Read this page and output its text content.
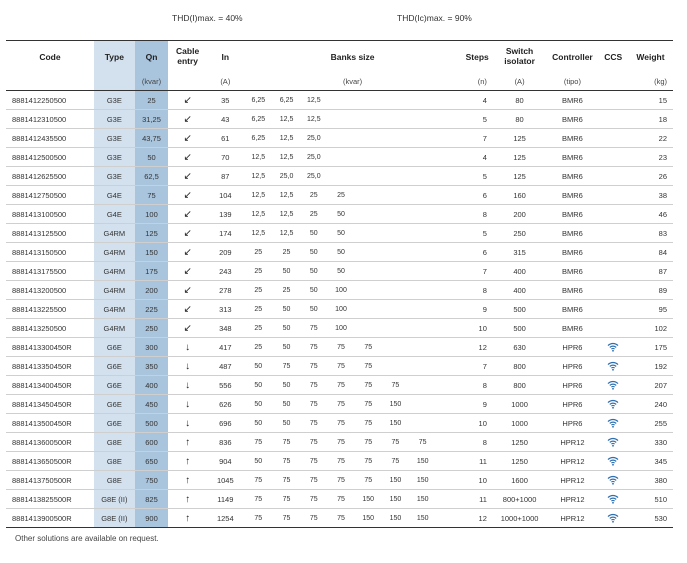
THD(I)max. = 40%	THD(Ic)max. = 90%
Code	Type	Qn	Cable
entry	In	Banks size								Steps	Switch
isolator	Controller	CCS	Weight
		(kvar)		(A)	(kvar)								(n)	(A)	(tipo)		(kg)
8881412250500	G3E	25	↙	35	6,25	6,25	12,5						4	80	BMR6		15
8881412310500	G3E	31,25	↙	43	6,25	12,5	12,5						5	80	BMR6		18
8881412435500	G3E	43,75	↙	61	6,25	12,5	25,0						7	125	BMR6		22
8881412500500	G3E	50	↙	70	12,5	12,5	25,0						4	125	BMR6		23
8881412625500	G3E	62,5	↙	87	12,5	25,0	25,0						5	125	BMR6		26
8881412750500	G4E	75	↙	104	12,5	12,5	25	25					6	160	BMR6		38
8881413100500	G4E	100	↙	139	12,5	12,5	25	50					8	200	BMR6		46
8881413125500	G4RM	125	↙	174	12,5	12,5	50	50					5	250	BMR6		83
8881413150500	G4RM	150	↙	209	25	25	50	50					6	315	BMR6		84
8881413175500	G4RM	175	↙	243	25	50	50	50					7	400	BMR6		87
8881413200500	G4RM	200	↙	278	25	25	50	100					8	400	BMR6		89
8881413225500	G4RM	225	↙	313	25	50	50	100					9	500	BMR6		95
8881413250500	G4RM	250	↙	348	25	50	75	100					10	500	BMR6		102
8881413300450R	G6E	300	↓	417	25	50	75	75	75				12	630	HPR6		175
8881413350450R	G6E	350	↓	487	50	75	75	75	75				7	800	HPR6		192
8881413400450R	G6E	400	↓	556	50	50	75	75	75	75			8	800	HPR6		207
8881413450450R	G6E	450	↓	626	50	50	75	75	75	150			9	1000	HPR6		240
8881413500450R	G6E	500	↓	696	50	50	75	75	75	150			10	1000	HPR6		255
8881413600500R	G8E	600	↑	836	75	75	75	75	75	75	75		8	1250	HPR12		330
8881413650500R	G8E	650	↑	904	50	75	75	75	75	75	150		11	1250	HPR12		345
8881413750500R	G8E	750	↑	1045	75	75	75	75	75	150	150		10	1600	HPR12		380
8881413825500R	G8E (II)	825	↑	1149	75	75	75	75	150	150	150		11	800+1000	HPR12		510
8881413900500R	G8E (II)	900	↑	1254	75	75	75	75	150	150	150		12	1000+1000	HPR12		530
Other solutions are available on request.
